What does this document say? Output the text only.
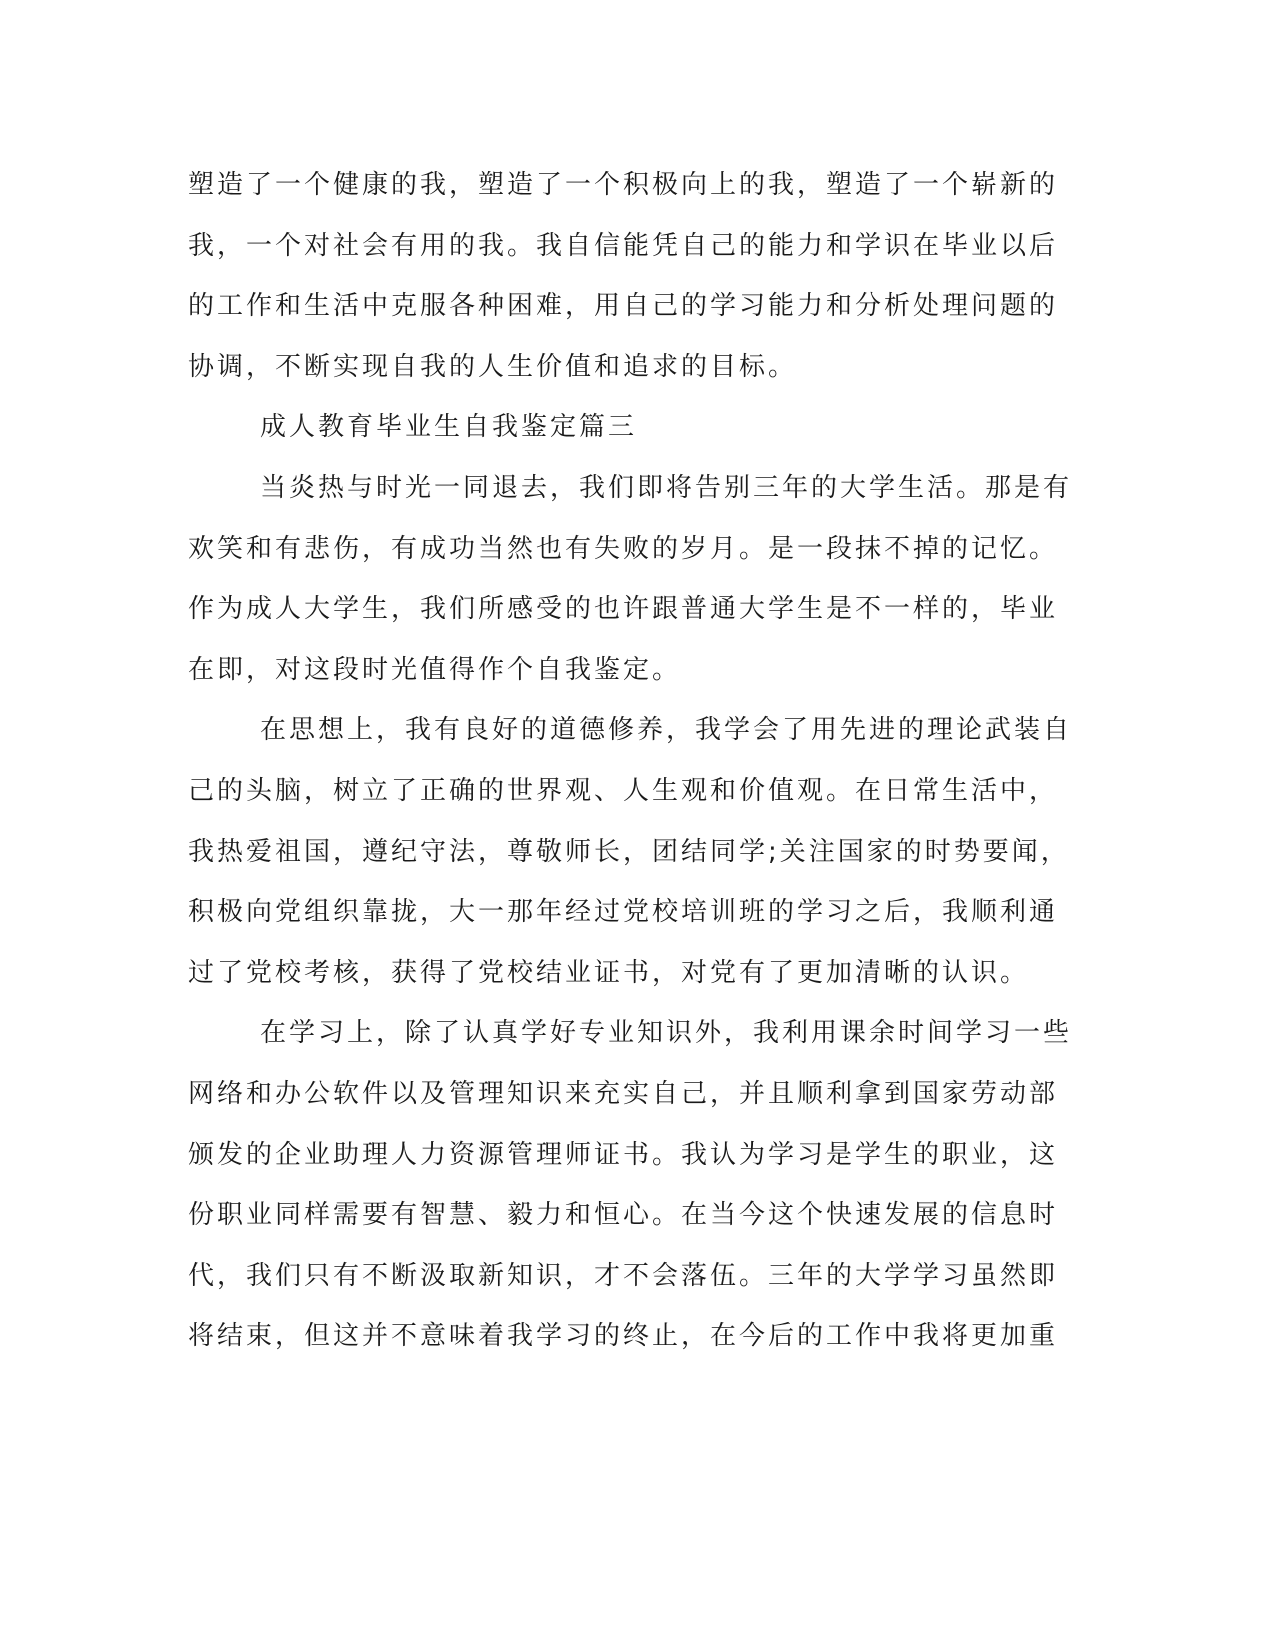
塑造了一个健康的我，塑造了一个积极向上的我，塑造了一个崭新的
我，一个对社会有用的我。我自信能凭自己的能力和学识在毕业以后
的工作和生活中克服各种困难，用自己的学习能力和分析处理问题的
协调，不断实现自我的人生价值和追求的目标。
成人教育毕业生自我鉴定篇三
当炎热与时光一同退去，我们即将告别三年的大学生活。那是有
欢笑和有悲伤，有成功当然也有失败的岁月。是一段抹不掉的记忆。
作为成人大学生，我们所感受的也许跟普通大学生是不一样的，毕业
在即，对这段时光值得作个自我鉴定。
在思想上，我有良好的道德修养，我学会了用先进的理论武装自
己的头脑，树立了正确的世界观、人生观和价值观。在日常生活中，
我热爱祖国，遵纪守法，尊敬师长，团结同学;关注国家的时势要闻，
积极向党组织靠拢，大一那年经过党校培训班的学习之后，我顺利通
过了党校考核，获得了党校结业证书，对党有了更加清晰的认识。
在学习上，除了认真学好专业知识外，我利用课余时间学习一些
网络和办公软件以及管理知识来充实自己，并且顺利拿到国家劳动部
颁发的企业助理人力资源管理师证书。我认为学习是学生的职业，这
份职业同样需要有智慧、毅力和恒心。在当今这个快速发展的信息时
代，我们只有不断汲取新知识，才不会落伍。三年的大学学习虽然即
将结束，但这并不意味着我学习的终止，在今后的工作中我将更加重
